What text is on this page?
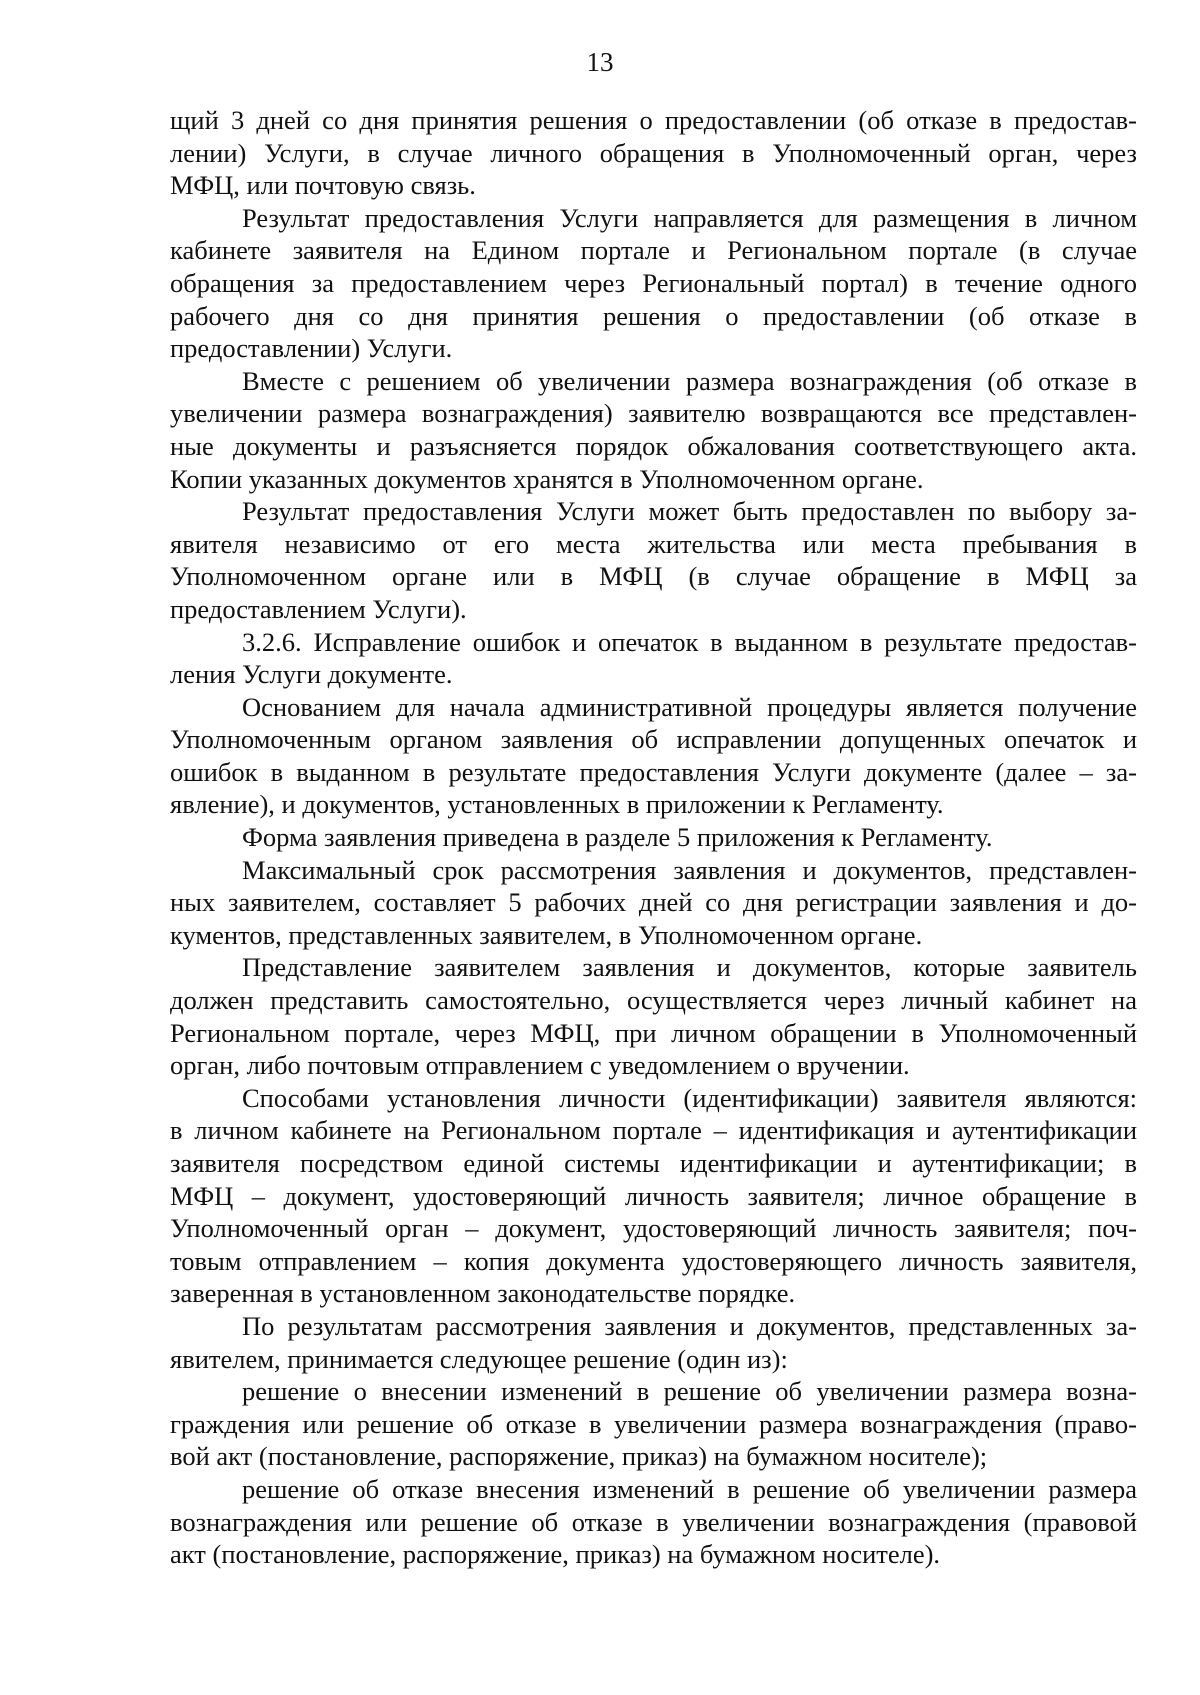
13

щий 3 дней со дня принятия решения о предоставлении (об отказе в предостав-
лении) Услуги, в случае личного обращения в Уполномоченный орган, через
МФЦ, или почтовую связь.

Результат предоставления Услуги направляется для размещения в личном
кабинете заявителя на Едином портале и Региональном портале (в случае
обращения за предоставлением через Региональный портал) в течение одного
рабочего дня со дня принятия решения о предоставлении (об отказе в
предоставлении) Услуги.

Вместе с решением об увеличении размера вознаграждения (об отказе в
увеличении размера вознаграждения) заявителю возвращаются все представлен-
ные документы и разъясняется порядок обжалования соответствующего акта.
Копии указанных документов хранятся в Уполномоченном органе.

Результат предоставления Услуги может быть предоставлен по выбору за-
явителя независимо от его места жительства или места пребывания в
Уполномоченном органе или в МФЦ (в случае обращение в МФЦ за
предоставлением Услуги).

3.2.6. Исправление ошибок и опечаток в выданном в результате предостав-
ления Услуги документе.

Основанием для начала административной процедуры является получение
Уполномоченным органом заявления об исправлении допущенных опечаток и
ошибок в выданном в результате предоставления Услуги документе (далее – за-
явление), и документов, установленных в приложении к Регламенту.

Форма заявления приведена в разделе 5 приложения к Регламенту.

Максимальный срок рассмотрения заявления и документов, представлен-
ных заявителем, составляет 5 рабочих дней со дня регистрации заявления и до-
кументов, представленных заявителем, в Уполномоченном органе.

Представление заявителем заявления и документов, которые заявитель
должен представить самостоятельно, осуществляется через личный кабинет на
Региональном портале, через МФЦ, при личном обращении в Уполномоченный
орган, либо почтовым отправлением с уведомлением о вручении.

Способами установления личности (идентификации) заявителя являются:
в личном кабинете на Региональном портале – идентификация и аутентификации
заявителя посредством единой системы идентификации и аутентификации; в
МФЦ – документ, удостоверяющий личность заявителя; личное обращение в
Уполномоченный орган – документ, удостоверяющий личность заявителя; поч-
товым отправлением – копия документа удостоверяющего личность заявителя,
заверенная в установленном законодательстве порядке.

По результатам рассмотрения заявления и документов, представленных за-
явителем, принимается следующее решение (один из):

решение о внесении изменений в решение об увеличении размера возна-
граждения или решение об отказе в увеличении размера вознаграждения (право-
вой акт (постановление, распоряжение, приказ) на бумажном носителе);

решение об отказе внесения изменений в решение об увеличении размера
вознаграждения или решение об отказе в увеличении вознаграждения (правовой
акт (постановление, распоряжение, приказ) на бумажном носителе).
